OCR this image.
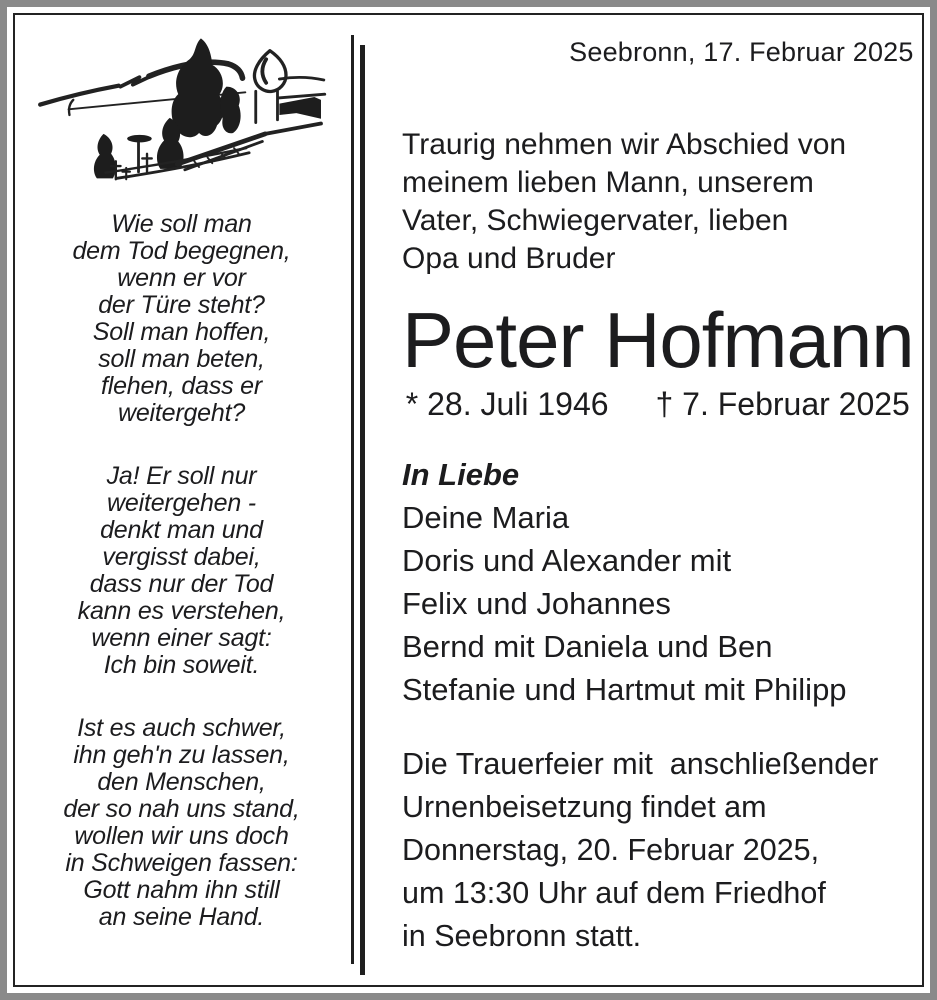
Wie soll man
dem Tod begegnen,
wenn er vor
der Türe steht?
Soll man hoffen,
soll man beten,
flehen, dass er
weitergeht?
Ja! Er soll nur
weitergehen -
denkt man und
vergisst dabei,
dass nur der Tod
kann es verstehen,
wenn einer sagt:
Ich bin soweit.
Ist es auch schwer,
ihn geh'n zu lassen,
den Menschen,
der so nah uns stand,
wollen wir uns doch
in Schweigen fassen:
Gott nahm ihn still
an seine Hand.
Seebronn, 17. Februar 2025
Traurig nehmen wir Abschied von
meinem lieben Mann, unserem
Vater, Schwiegervater, lieben
Opa und Bruder
Peter Hofmann
* 28. Juli 1946 † 7. Februar 2025
In Liebe
Deine Maria
Doris und Alexander mit
Felix und Johannes
Bernd mit Daniela und Ben
Stefanie und Hartmut mit Philipp
Die Trauerfeier mit  anschließender
Urnenbeisetzung findet am
Donnerstag, 20. Februar 2025,
um 13:30 Uhr auf dem Friedhof
in Seebronn statt.
